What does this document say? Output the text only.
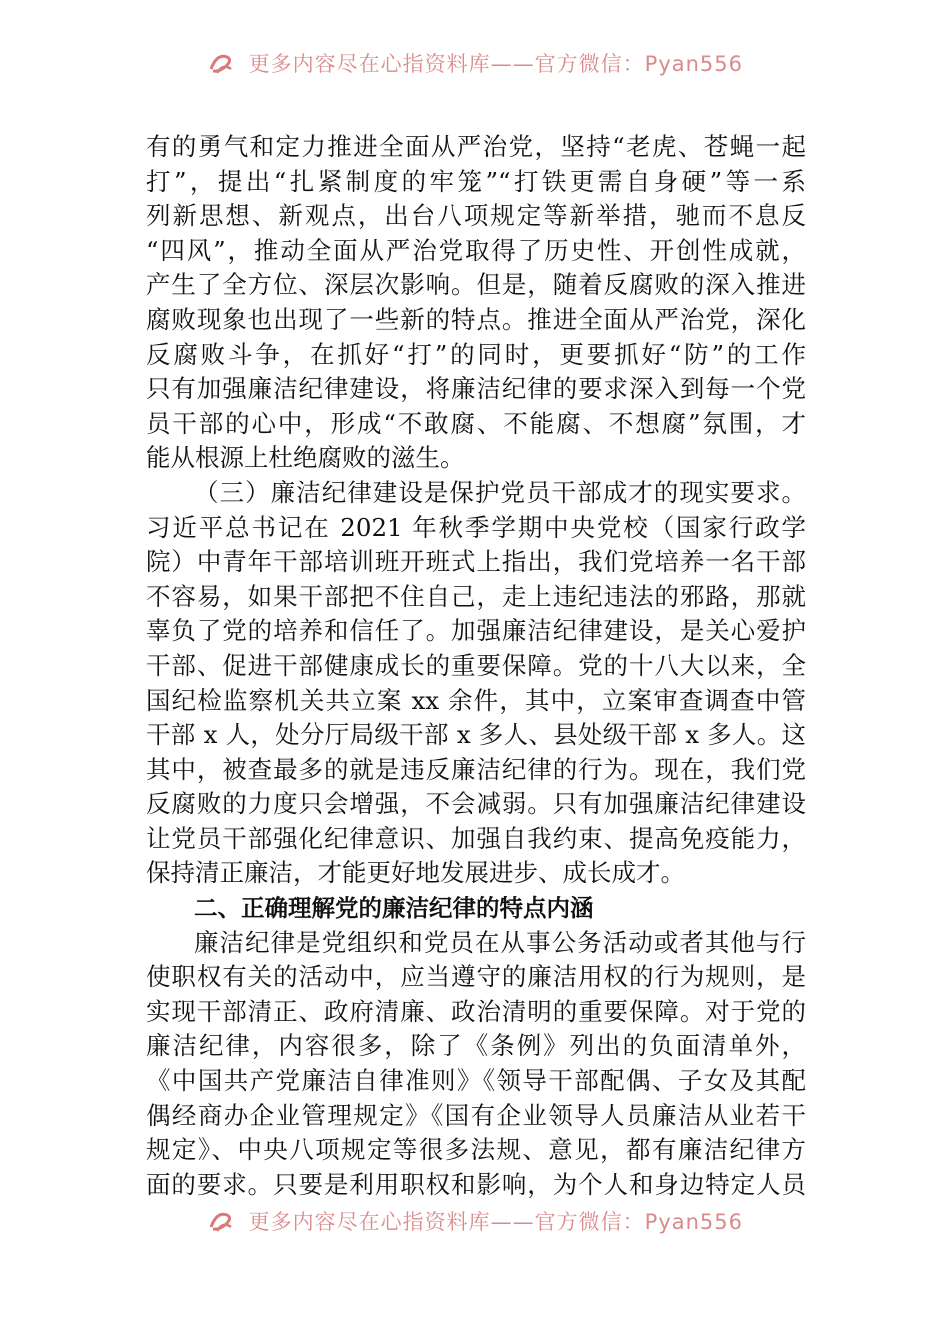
更多内容尽在心指资料库——官方微信：Pyan556
有的勇气和定力推进全面从严治党，坚持“老虎、苍蝇一起
打”，提出“扎紧制度的牢笼”“打铁更需自身硬”等一系
列新思想、新观点，出台八项规定等新举措，驰而不息反
“四风”，推动全面从严治党取得了历史性、开创性成就，
产生了全方位、深层次影响。但是，随着反腐败的深入推进
腐败现象也出现了一些新的特点。推进全面从严治党，深化
反腐败斗争，在抓好“打”的同时，更要抓好“防”的工作
只有加强廉洁纪律建设，将廉洁纪律的要求深入到每一个党
员干部的心中，形成“不敢腐、不能腐、不想腐”氛围，才
能从根源上杜绝腐败的滋生。
（三）廉洁纪律建设是保护党员干部成才的现实要求。
习近平总书记在 2021 年秋季学期中央党校（国家行政学
院）中青年干部培训班开班式上指出，我们党培养一名干部
不容易，如果干部把不住自己，走上违纪违法的邪路，那就
辜负了党的培养和信任了。加强廉洁纪律建设，是关心爱护
干部、促进干部健康成长的重要保障。党的十八大以来，全
国纪检监察机关共立案 xx 余件，其中，立案审查调查中管
干部 x 人，处分厅局级干部 x 多人、县处级干部 x 多人。这
其中，被查最多的就是违反廉洁纪律的行为。现在，我们党
反腐败的力度只会增强，不会减弱。只有加强廉洁纪律建设
让党员干部强化纪律意识、加强自我约束、提高免疫能力，
保持清正廉洁，才能更好地发展进步、成长成才。
二、正确理解党的廉洁纪律的特点内涵
廉洁纪律是党组织和党员在从事公务活动或者其他与行
使职权有关的活动中，应当遵守的廉洁用权的行为规则，是
实现干部清正、政府清廉、政治清明的重要保障。对于党的
廉洁纪律，内容很多，除了《条例》列出的负面清单外，
《中国共产党廉洁自律准则》《领导干部配偶、子女及其配
偶经商办企业管理规定》《国有企业领导人员廉洁从业若干
规定》、中央八项规定等很多法规、意见，都有廉洁纪律方
面的要求。只要是利用职权和影响，为个人和身边特定人员
更多内容尽在心指资料库——官方微信：Pyan556
